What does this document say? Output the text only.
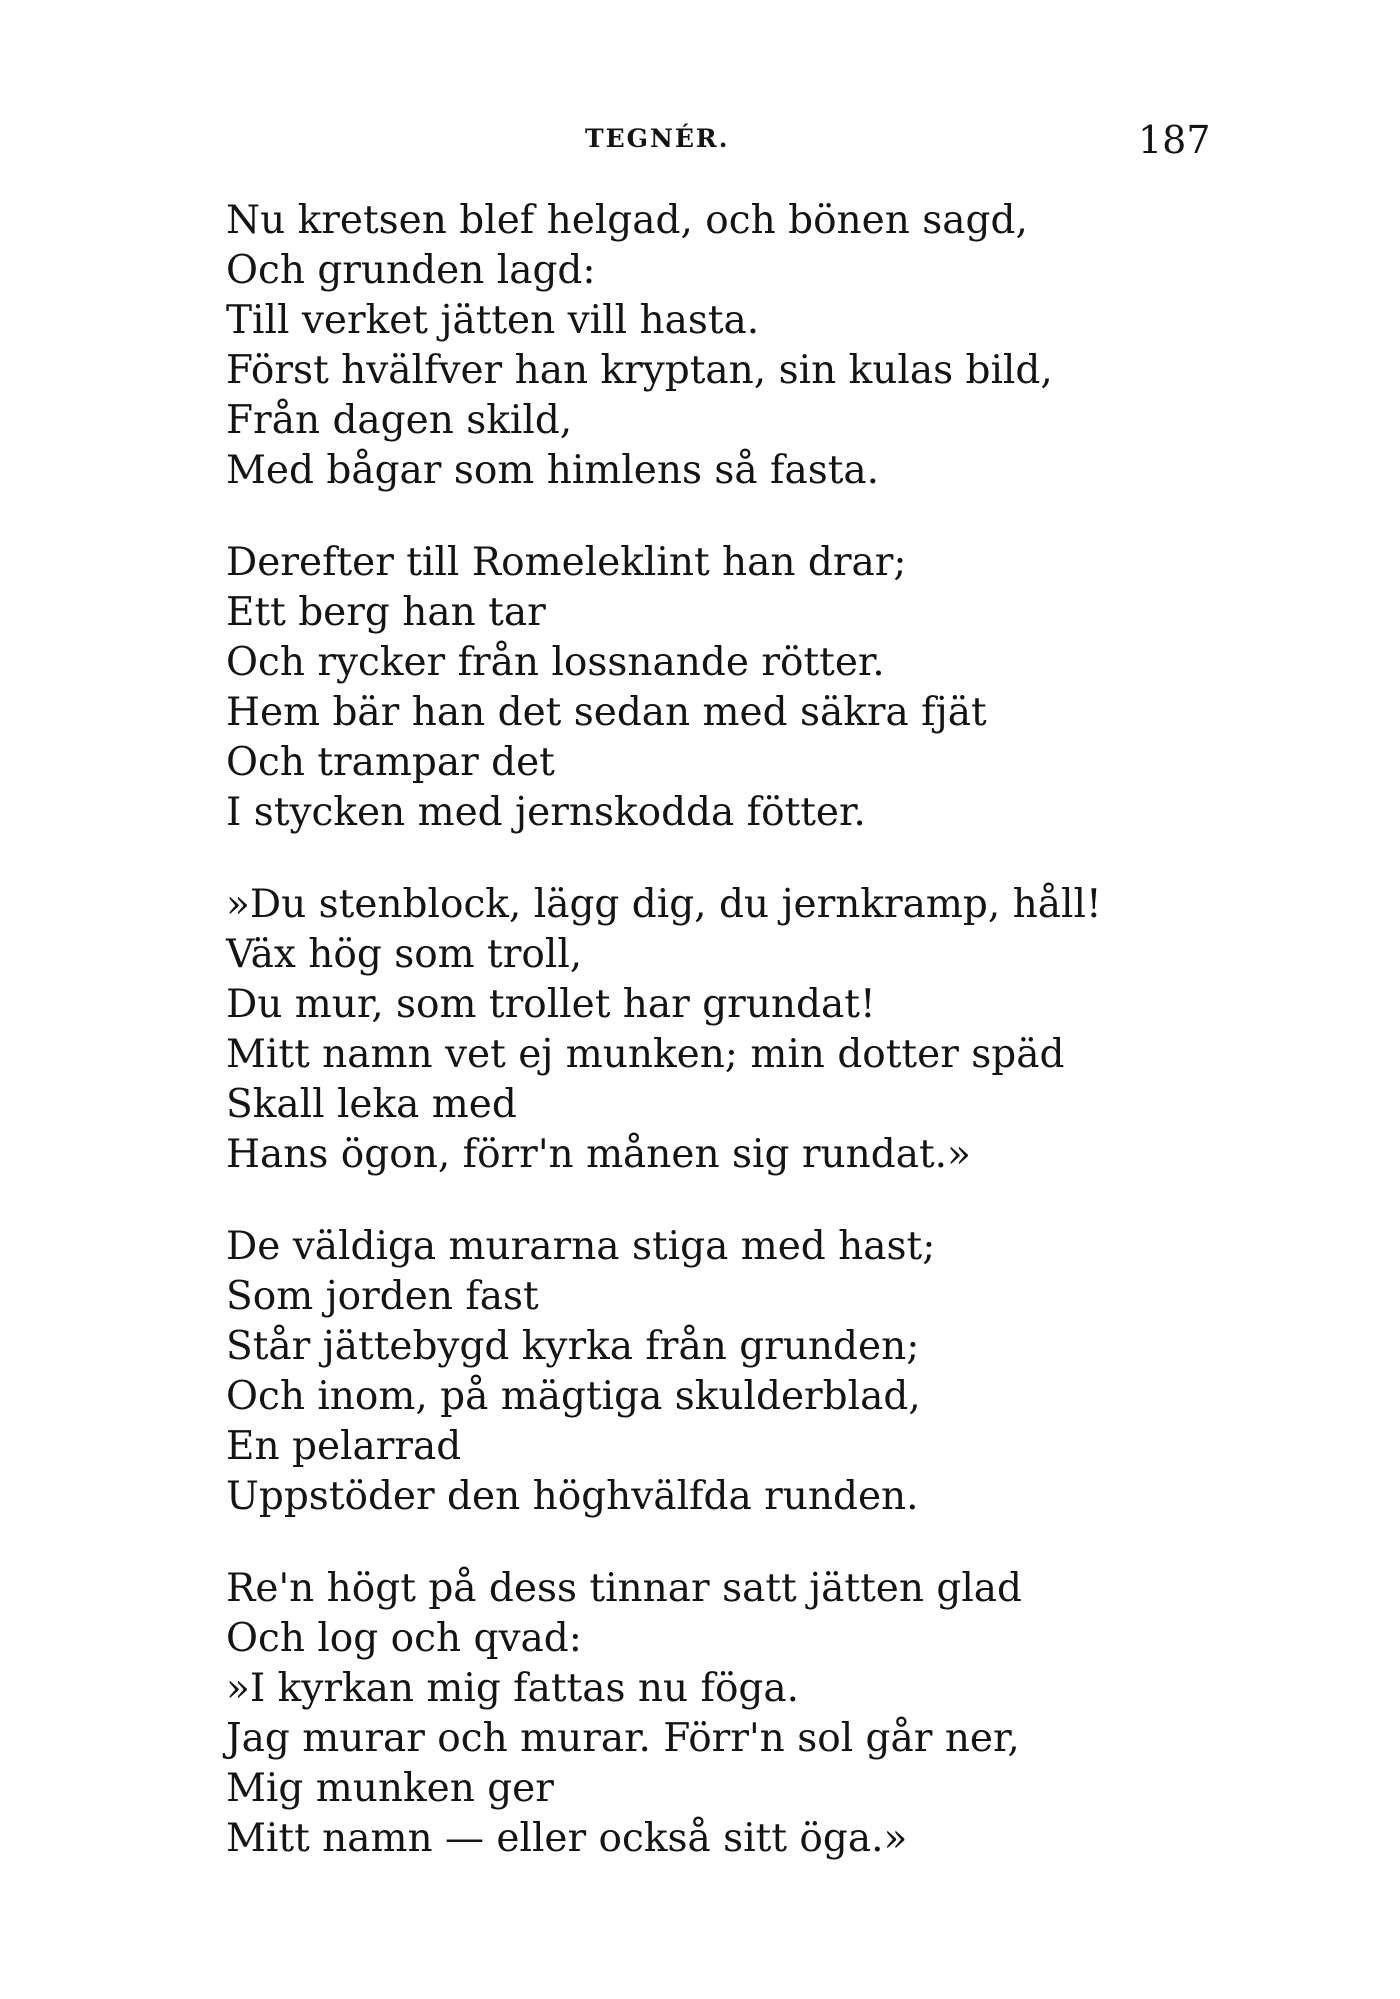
TEGNÉR.	187
Nu kretsen blef helgad, och bönen sagd,
Och grunden lagd:
Till verket jätten vill hasta.
Först hvälfver han kryptan, sin kulas bild,
Från dagen skild,
Med bågar som himlens så fasta.
Derefter till Romeleklint han drar;
Ett berg han tar
Och rycker från lossnande rötter.
Hem bär han det sedan med säkra fjät
Och trampar det
I stycken med jernskodda fötter.
»Du stenblock, lägg dig, du jernkramp, håll!
Väx hög som troll,
Du mur, som trollet har grundat!
Mitt namn vet ej munken; min dotter späd
Skall leka med
Hans ögon, förr'n månen sig rundat.»
De väldiga murarna stiga med hast;
Som jorden fast
Står jättebygd kyrka från grunden;
Och inom, på mägtiga skulderblad,
En pelarrad
Uppstöder den höghvälfda runden.
Re'n högt på dess tinnar satt jätten glad
Och log och qvad:
»I kyrkan mig fattas nu föga.
Jag murar och murar. Förr'n sol går ner,
Mig munken ger
Mitt namn — eller också sitt öga.»
